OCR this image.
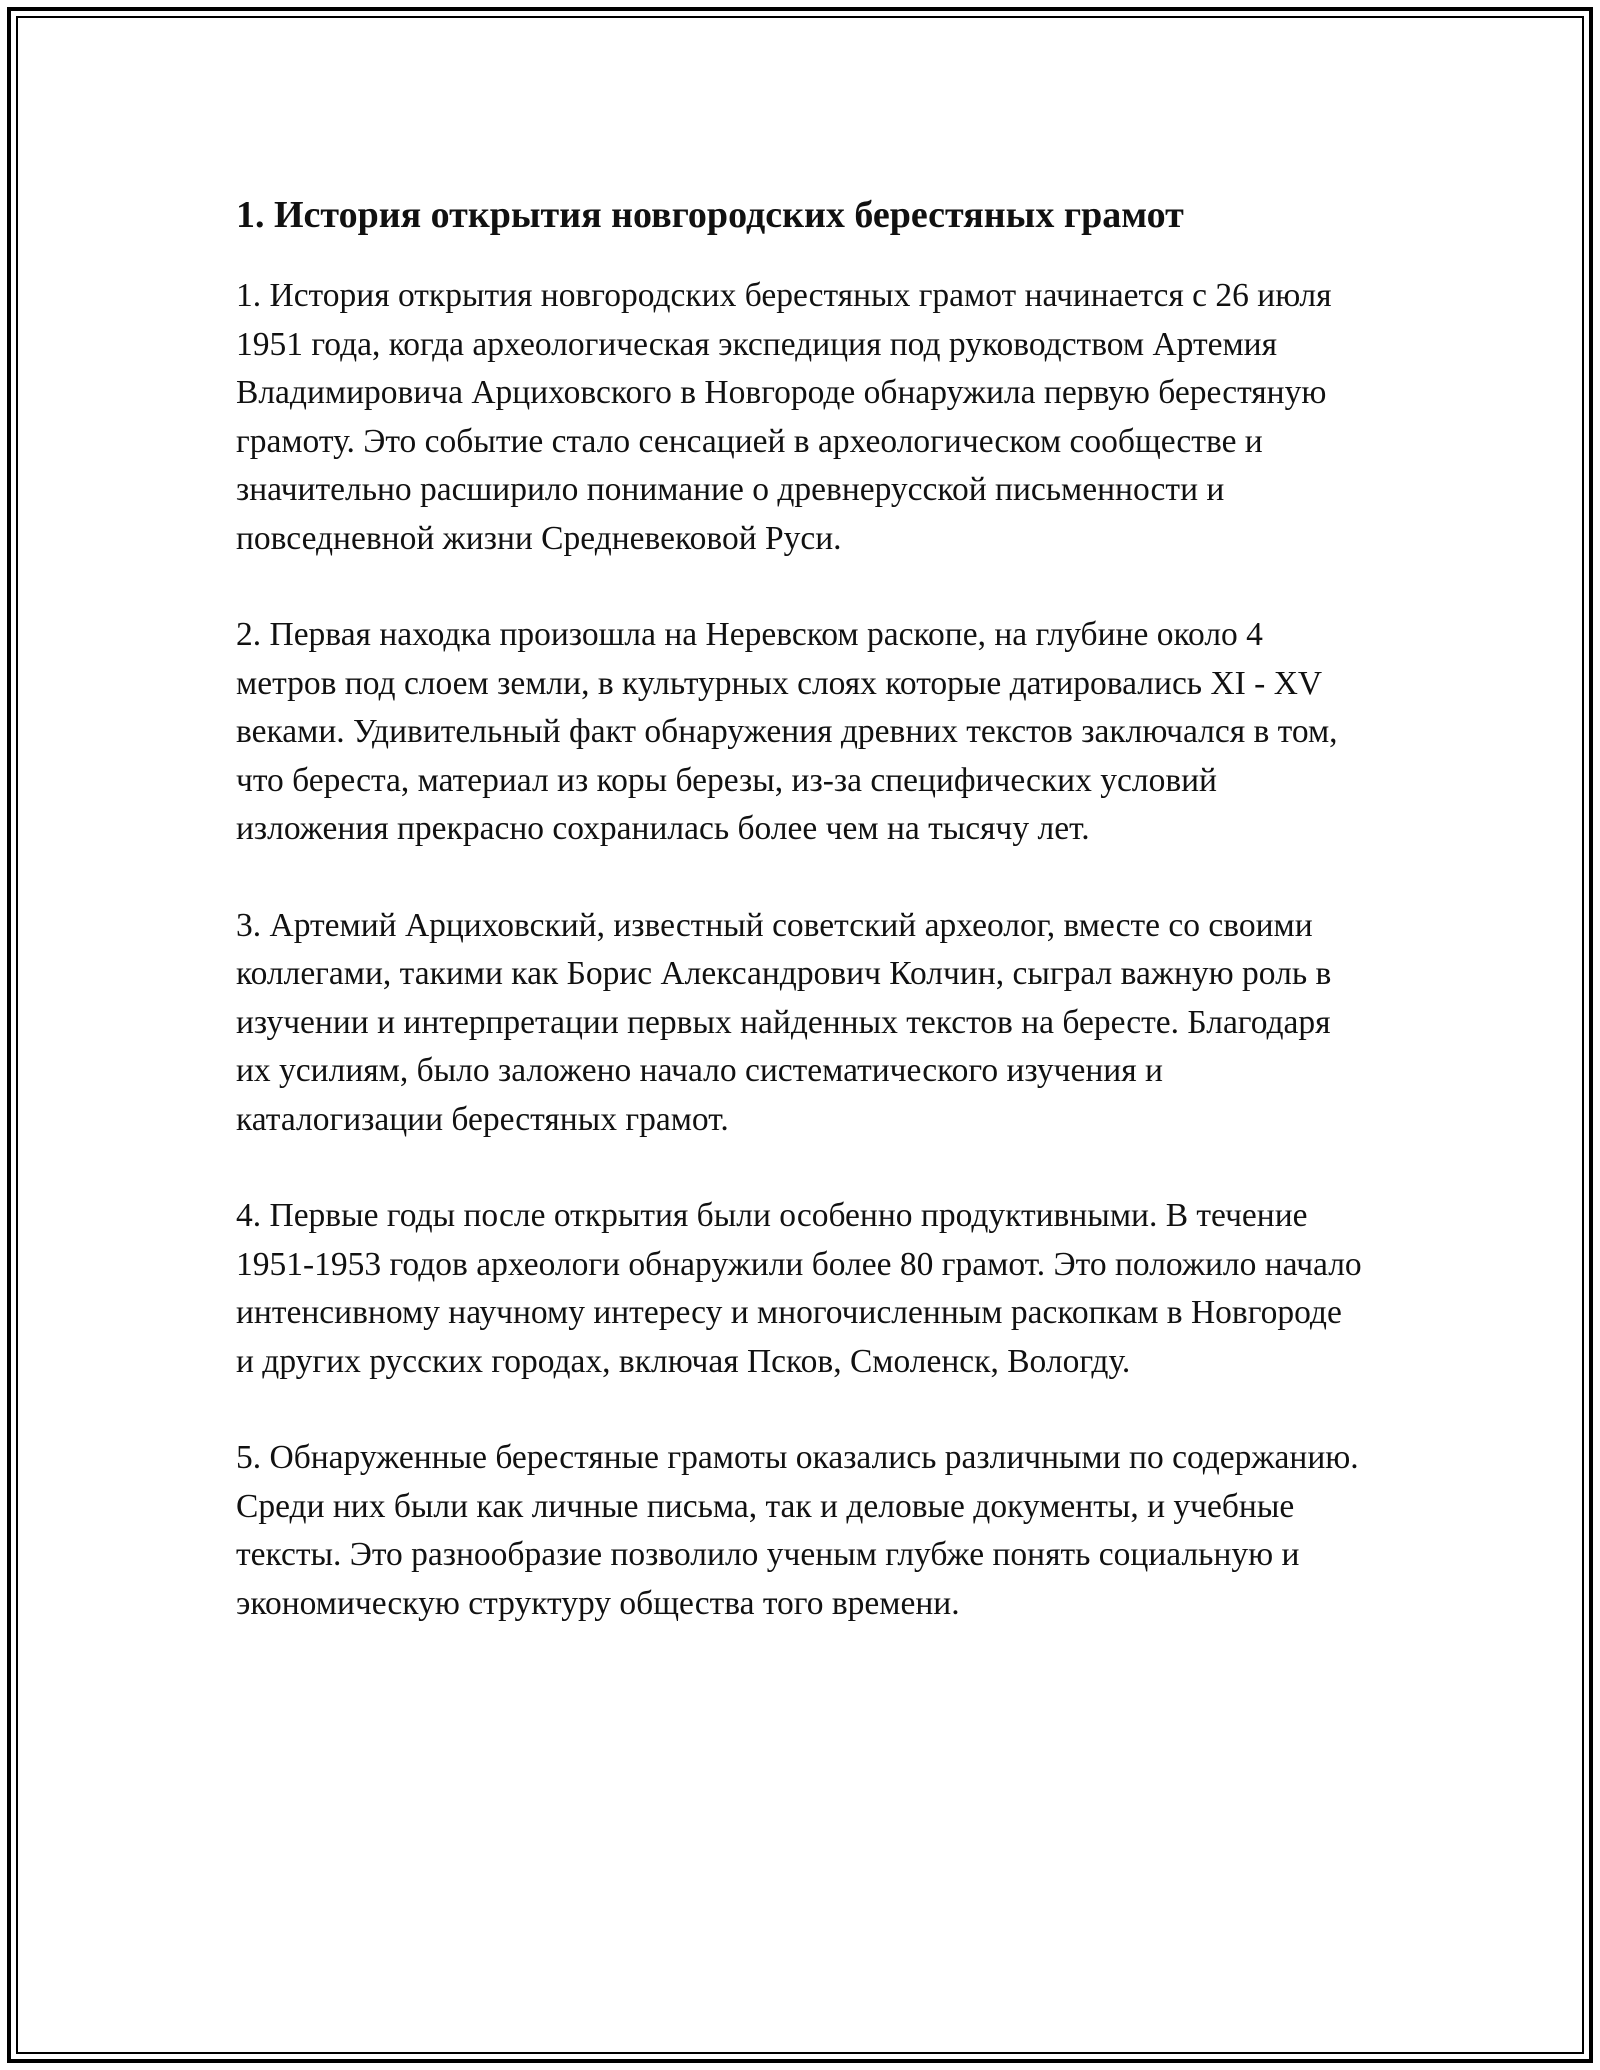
1. История открытия новгородских берестяных грамот

1. История открытия новгородских берестяных грамот начинается с 26 июля 1951 года, когда археологическая экспедиция под руководством Артемия Владимировича Арциховского в Новгороде обнаружила первую берестяную грамоту. Это событие стало сенсацией в археологическом сообществе и значительно расширило понимание о древнерусской письменности и повседневной жизни Средневековой Руси.

2. Первая находка произошла на Неревском раскопе, на глубине около 4 метров под слоем земли, в культурных слоях которые датировались XI - XV веками. Удивительный факт обнаружения древних текстов заключался в том, что береста, материал из коры березы, из-за специфических условий изложения прекрасно сохранилась более чем на тысячу лет.

3. Артемий Арциховский, известный советский археолог, вместе со своими коллегами, такими как Борис Александрович Колчин, сыграл важную роль в изучении и интерпретации первых найденных текстов на бересте. Благодаря их усилиям, было заложено начало систематического изучения и каталогизации берестяных грамот.

4. Первые годы после открытия были особенно продуктивными. В течение 1951-1953 годов археологи обнаружили более 80 грамот. Это положило начало интенсивному научному интересу и многочисленным раскопкам в Новгороде и других русских городах, включая Псков, Смоленск, Вологду.

5. Обнаруженные берестяные грамоты оказались различными по содержанию. Среди них были как личные письма, так и деловые документы, и учебные тексты. Это разнообразие позволило ученым глубже понять социальную и экономическую структуру общества того времени.
